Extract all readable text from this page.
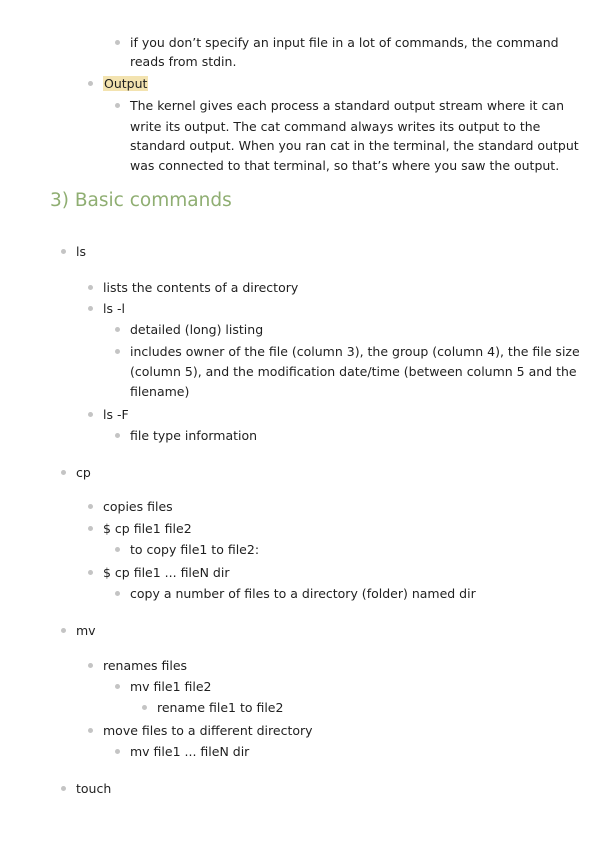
if you don’t specify an input file in a lot of commands, the command
reads from stdin.
Output
The kernel gives each process a standard output stream where it can
write its output. The cat command always writes its output to the
standard output. When you ran cat in the terminal, the standard output
was connected to that terminal, so that’s where you saw the output.
3) Basic commands
ls
lists the contents of a directory
ls -l
detailed (long) listing
includes owner of the file (column 3), the group (column 4), the file size
(column 5), and the modification date/time (between column 5 and the
filename)
ls -F
file type information
cp
copies files
$ cp file1 file2
to copy file1 to file2:
$ cp file1 ... fileN dir
copy a number of files to a directory (folder) named dir
mv
renames files
mv file1 file2
rename file1 to file2
move files to a different directory
mv file1 ... fileN dir
touch
